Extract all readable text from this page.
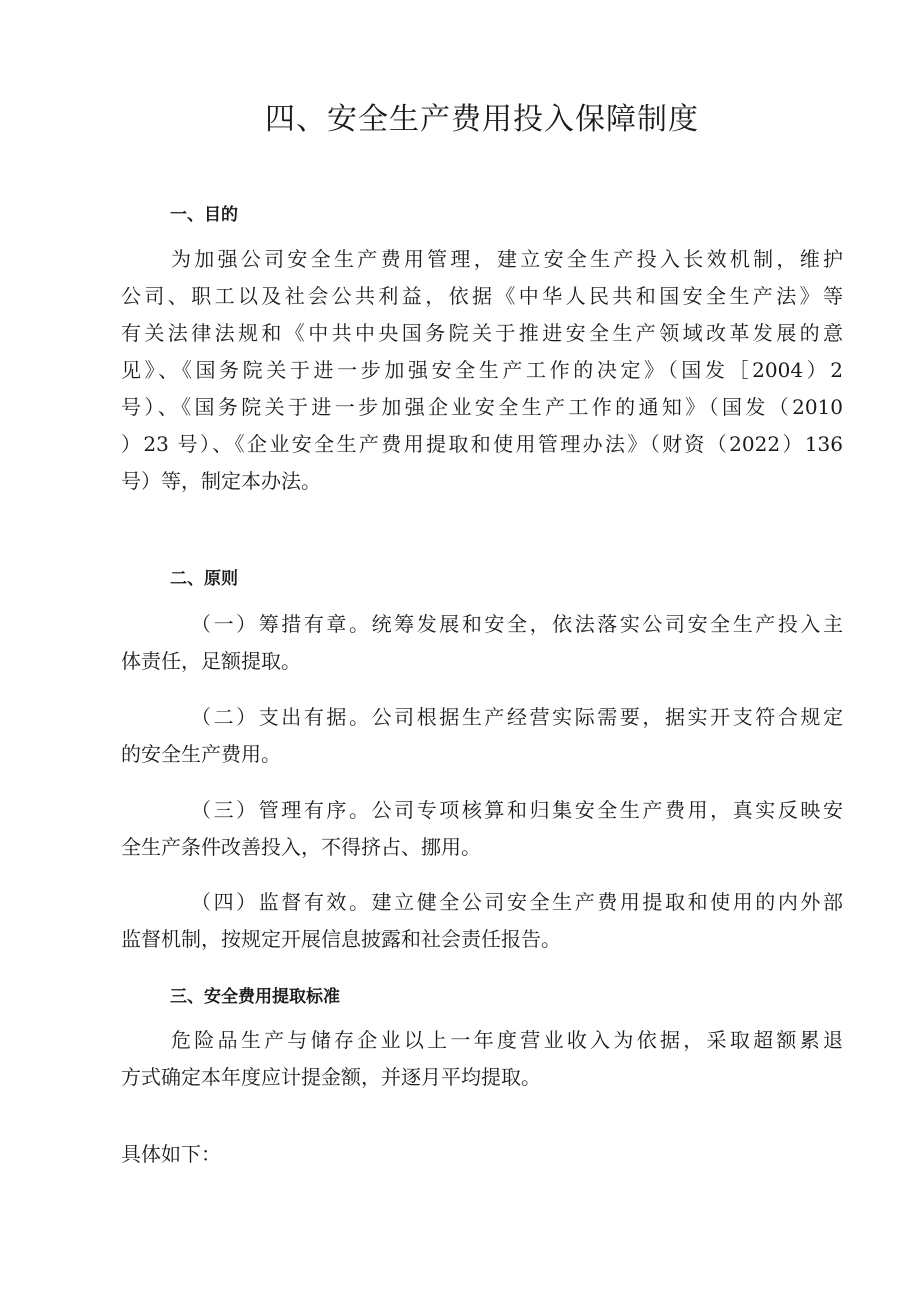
四、安全生产费用投入保障制度
一、目的
为加强公司安全生产费用管理，建立安全生产投入长效机制，维护
公司、职工以及社会公共利益，依据《中华人民共和国安全生产法》等
有关法律法规和《中共中央国务院关于推进安全生产领域改革发展的意
见》、《国务院关于进一步加强安全生产工作的决定》（国发［2004）2
号）、《国务院关于进一步加强企业安全生产工作的通知》（国发（2010
）23 号）、《企业安全生产费用提取和使用管理办法》（财资（2022）136
号）等，制定本办法。
二、原则
（一）筹措有章。统筹发展和安全，依法落实公司安全生产投入主
体责任，足额提取。
（二）支出有据。公司根据生产经营实际需要，据实开支符合规定
的安全生产费用。
（三）管理有序。公司专项核算和归集安全生产费用，真实反映安
全生产条件改善投入，不得挤占、挪用。
（四）监督有效。建立健全公司安全生产费用提取和使用的内外部
监督机制，按规定开展信息披露和社会责任报告。
三、安全费用提取标准
危险品生产与储存企业以上一年度营业收入为依据，采取超额累退
方式确定本年度应计提金额，并逐月平均提取。
具体如下：
